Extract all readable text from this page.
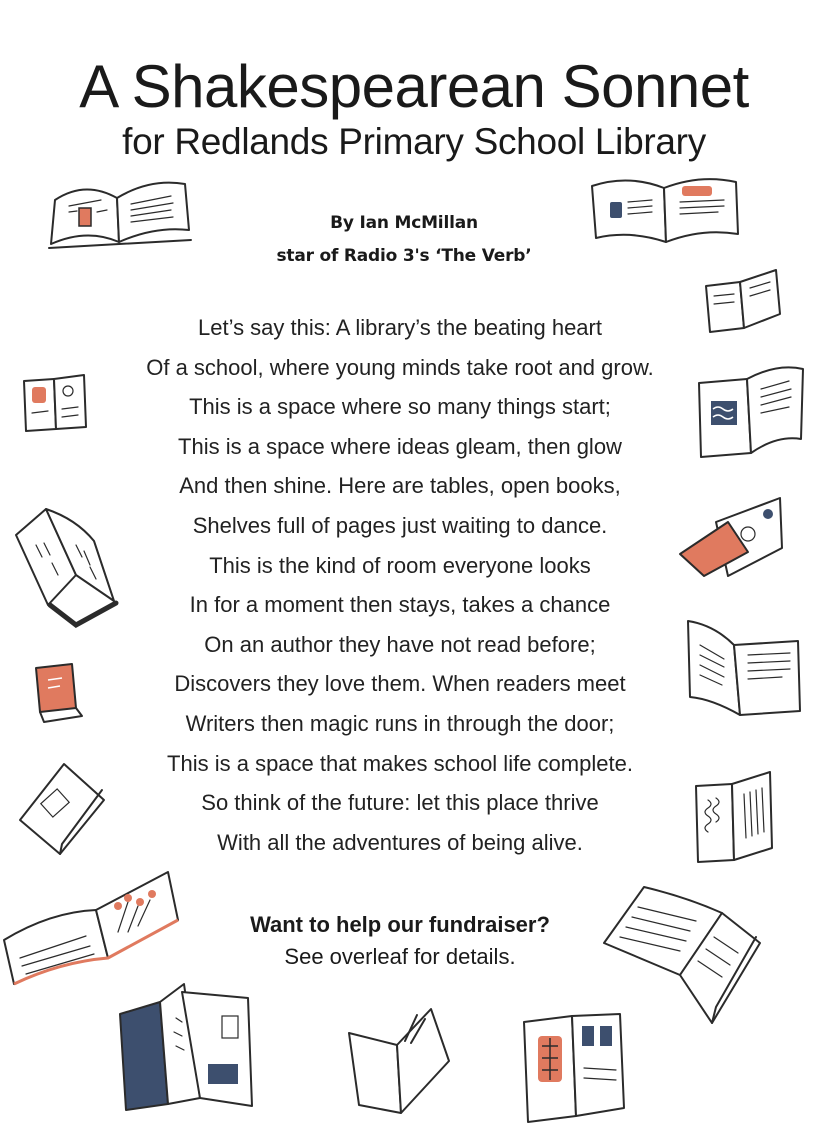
A Shakespearean Sonnet
for Redlands Primary School Library
By Ian McMillan
star of Radio 3's ‘The Verb’
Let’s say this: A library’s the beating heart
Of a school, where young minds take root and grow.
This is a space where so many things start;
This is a space where ideas gleam, then glow
And then shine. Here are tables, open books,
Shelves full of pages just waiting to dance.
This is the kind of room everyone looks
In for a moment then stays, takes a chance
On an author they have not read before;
Discovers they love them. When readers meet
Writers then magic runs in through the door;
This is a space that makes school life complete.
So think of the future: let this place thrive
With all the adventures of being alive.
Want to help our fundraiser?
See overleaf for details.
